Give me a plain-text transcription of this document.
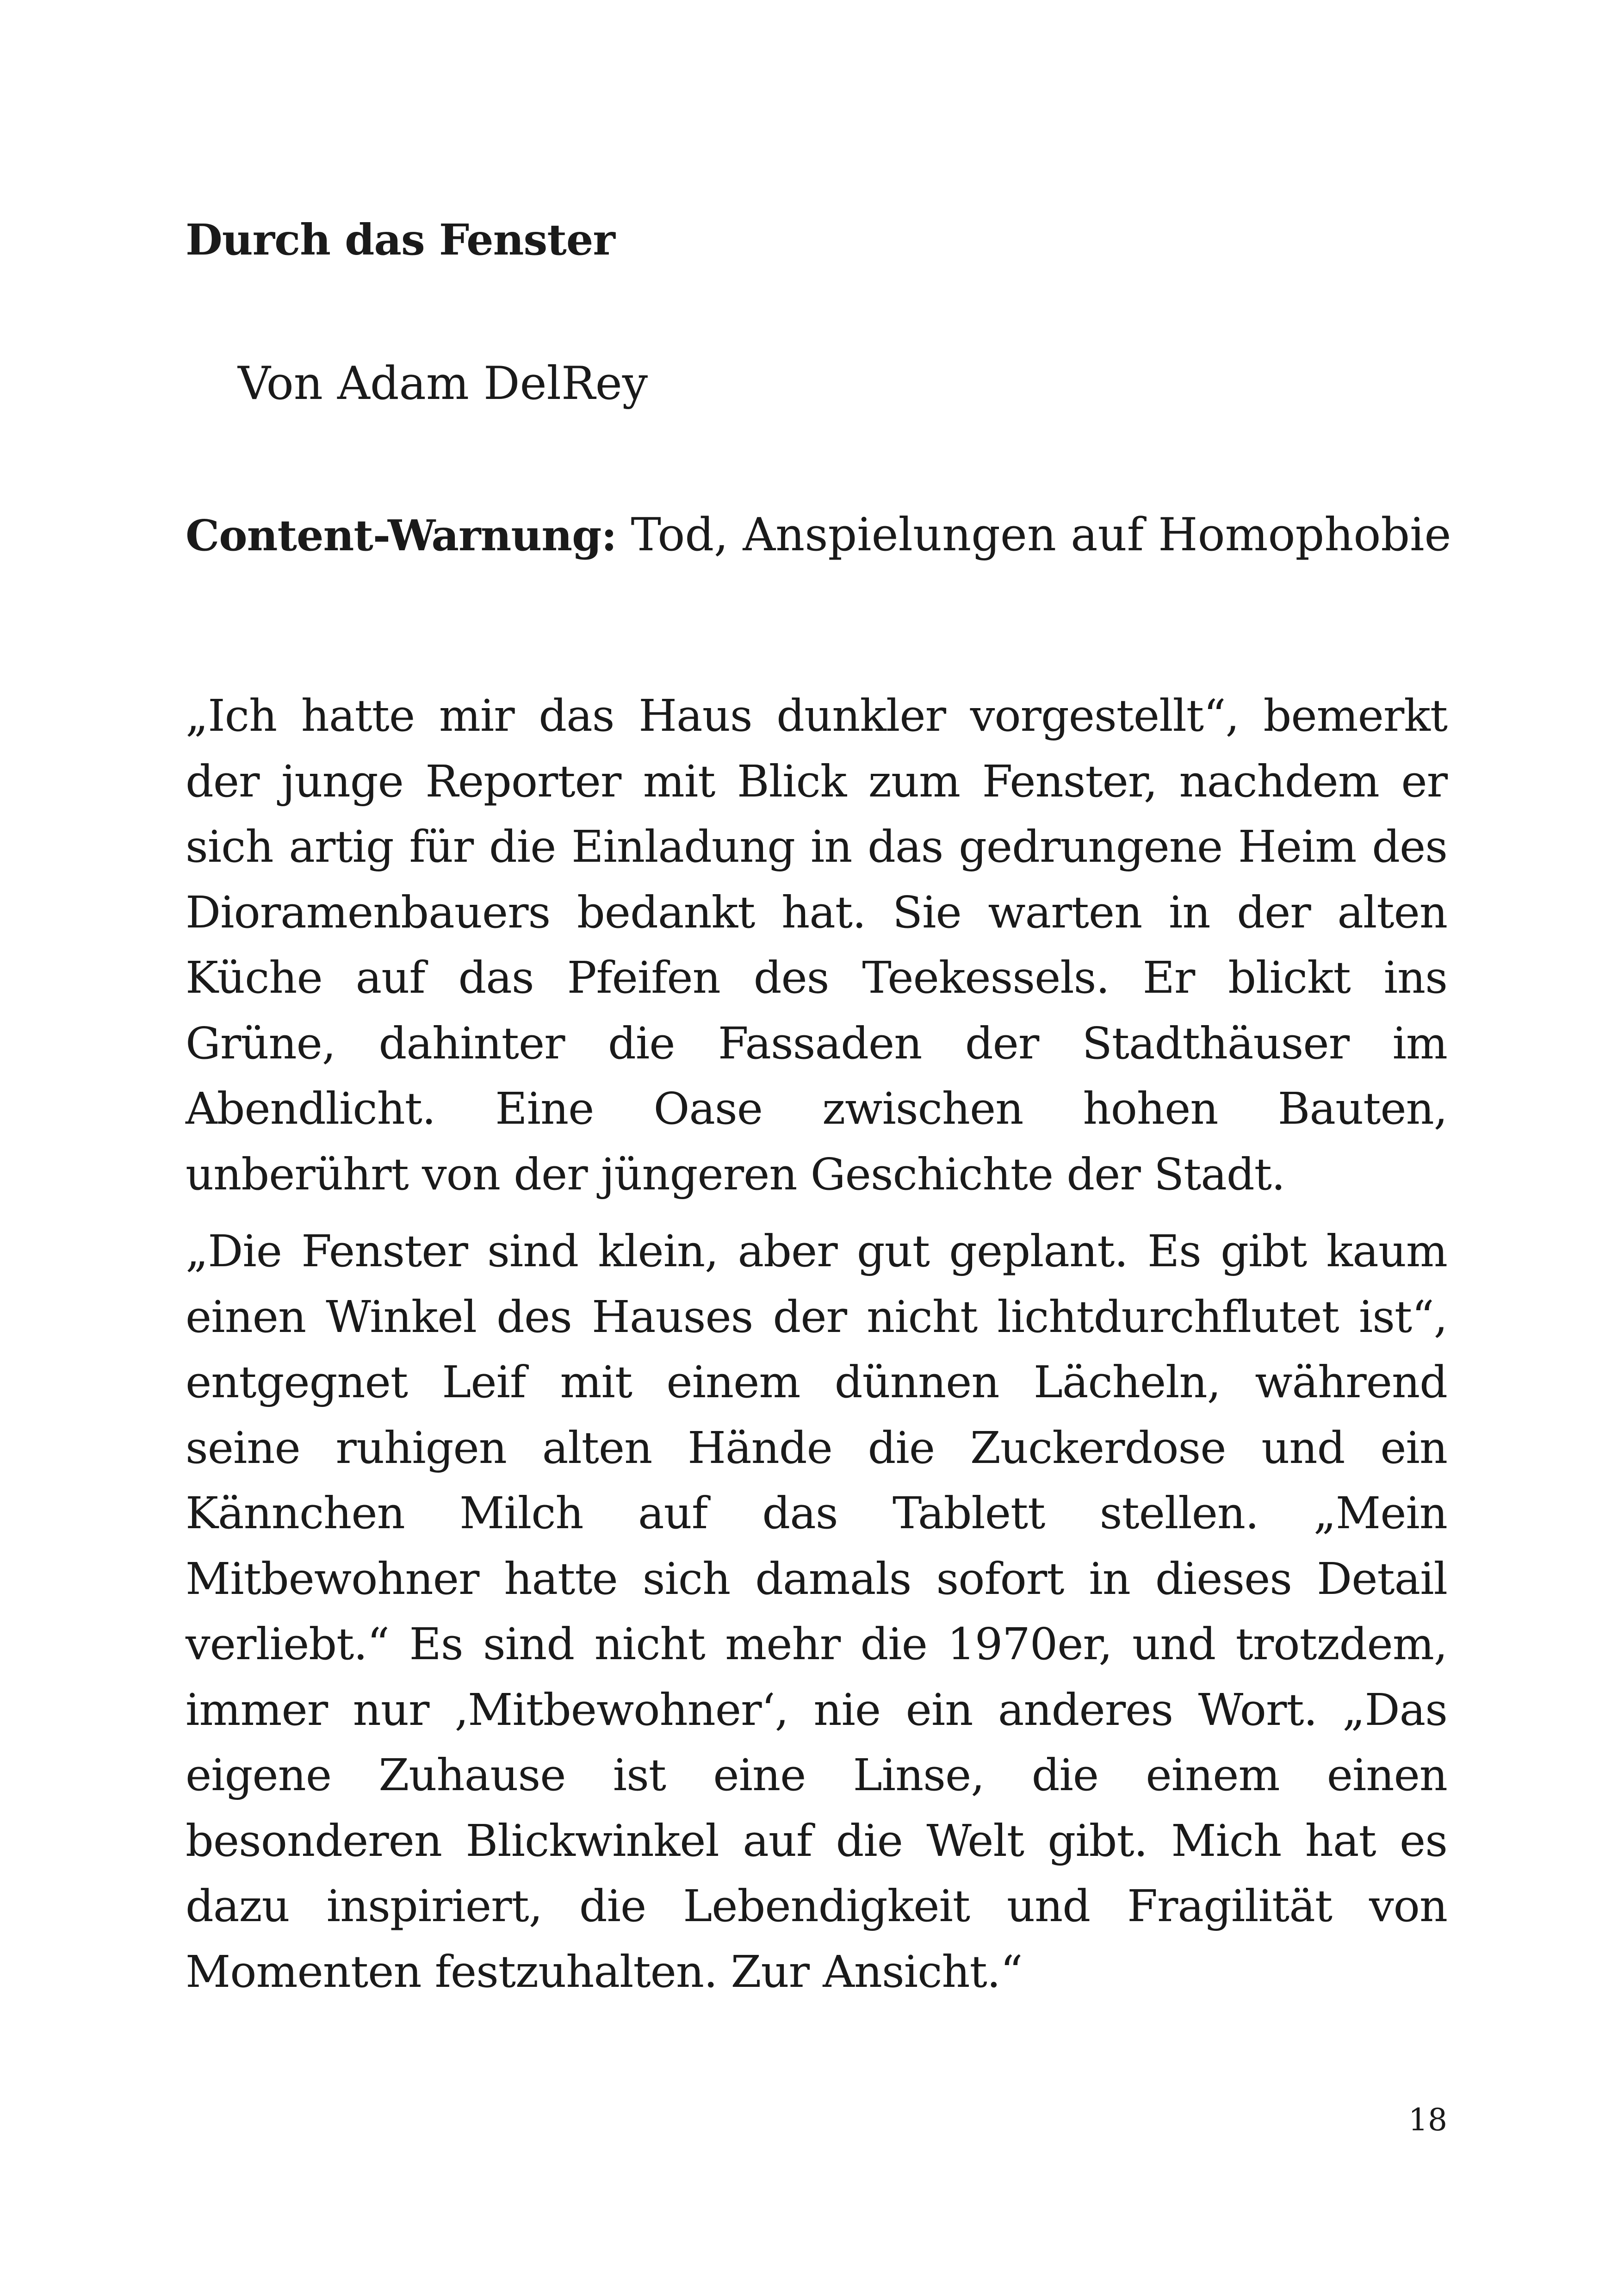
Durch das Fenster

Von Adam DelRey

Content-Warnung: Tod, Anspielungen auf Homophobie

„Ich hatte mir das Haus dunkler vorgestellt“, bemerkt der junge Reporter mit Blick zum Fenster, nachdem er sich artig für die Einladung in das gedrungene Heim des Dioramenbauers bedankt hat. Sie warten in der alten Küche auf das Pfeifen des Teekessels. Er blickt ins Grüne, dahinter die Fassaden der Stadthäuser im Abendlicht. Eine Oase zwischen hohen Bauten, unberührt von der jüngeren Geschichte der Stadt.

„Die Fenster sind klein, aber gut geplant. Es gibt kaum einen Winkel des Hauses der nicht lichtdurchflutet ist“, entgegnet Leif mit einem dünnen Lächeln, während seine ruhigen alten Hände die Zuckerdose und ein Kännchen Milch auf das Tablett stellen. „Mein Mitbewohner hatte sich damals sofort in dieses Detail verliebt.“ Es sind nicht mehr die 1970er, und trotzdem, immer nur ‚Mitbewohner‘, nie ein anderes Wort. „Das eigene Zuhause ist eine Linse, die einem einen besonderen Blickwinkel auf die Welt gibt. Mich hat es dazu inspiriert, die Lebendigkeit und Fragilität von Momenten festzuhalten. Zur Ansicht.“

18
